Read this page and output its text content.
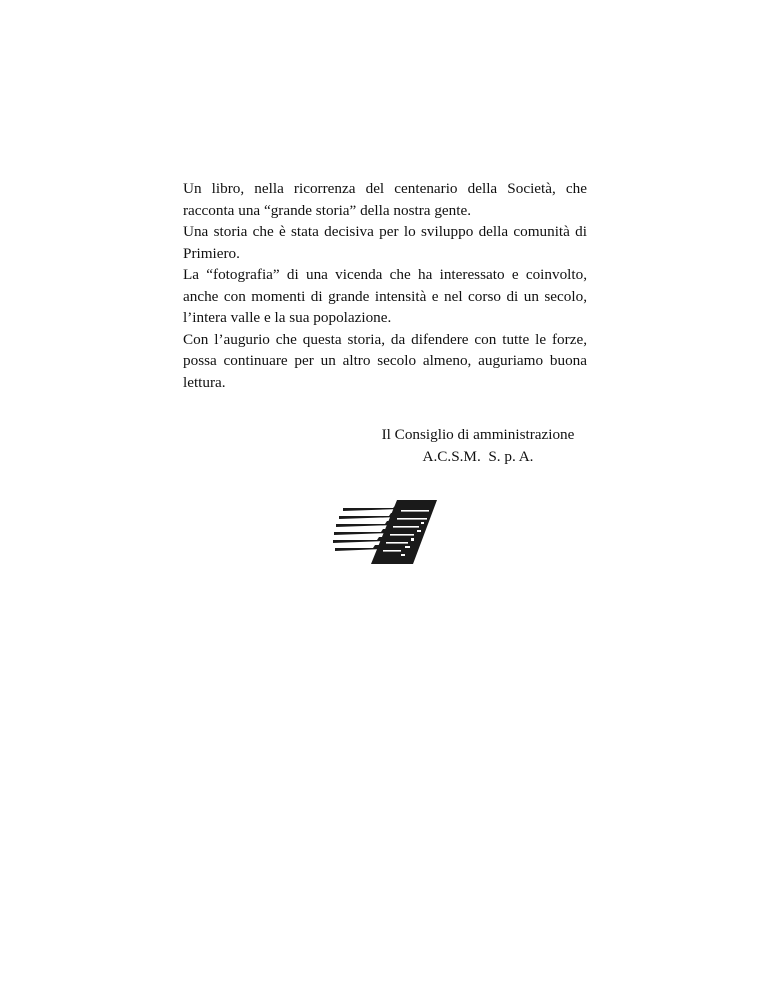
Un libro, nella ricorrenza del centenario della Società, che racconta una “grande storia” della nostra gente.

Una storia che è stata decisiva per lo sviluppo della comunità di Primiero.

La “fotografia” di una vicenda che ha interessato e coinvolto, anche con momenti di grande intensità e nel corso di un secolo, l’intera valle e la sua popolazione.

Con l’augurio che questa storia, da difendere con tutte le forze, possa continuare per un altro secolo almeno, auguriamo buona lettura.

Il Consiglio di amministrazione
A.C.S.M.  S. p. A.
